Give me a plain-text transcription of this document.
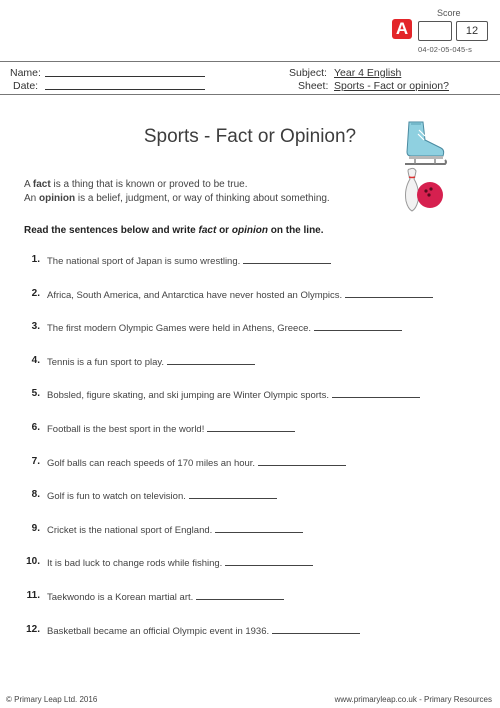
A
Score
12
04-02-05-045-s
Name:
Date:
Subject: Year 4 English
Sheet: Sports - Fact or opinion?
Sports - Fact or Opinion?
A fact is a thing that is known or proved to be true.
An opinion is a belief, judgment, or way of thinking about something.
Read the sentences below and write fact or opinion on the line.
1. The national sport of Japan is sumo wrestling.
2. Africa, South America, and Antarctica have never hosted an Olympics.
3. The first modern Olympic Games were held in Athens, Greece.
4. Tennis is a fun sport to play.
5. Bobsled, figure skating, and ski jumping are Winter Olympic sports.
6. Football is the best sport in the world!
7. Golf balls can reach speeds of 170 miles an hour.
8. Golf is fun to watch on television.
9. Cricket is the national sport of England.
10. It is bad luck to change rods while fishing.
11. Taekwondo is a Korean martial art.
12. Basketball became an official Olympic event in 1936.
© Primary Leap Ltd. 2016	www.primaryleap.co.uk - Primary Resources
